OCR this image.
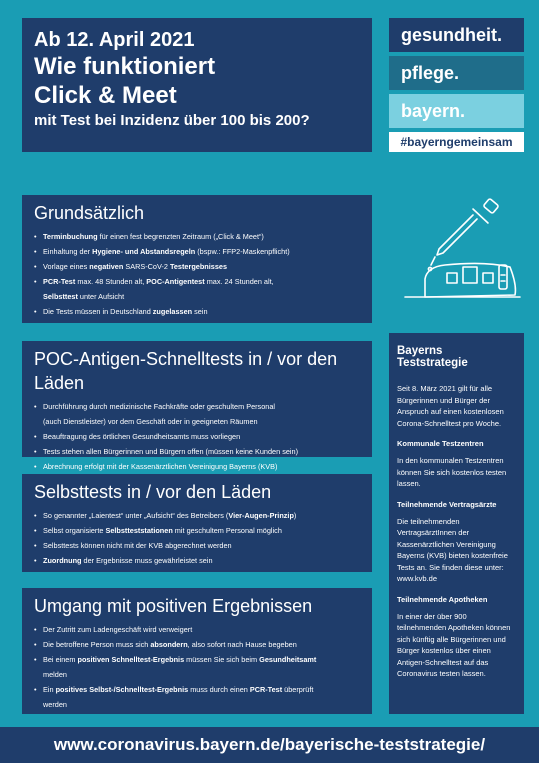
Ab 12. April 2021
Wie funktioniert
Click & Meet
mit Test bei Inzidenz über 100 bis 200?
gesundheit.
pflege.
bayern.
#bayerngemeinsam
Grundsätzlich
• Terminbuchung für einen fest begrenzten Zeitraum („Click & Meet“)
• Einhaltung der Hygiene- und Abstandsregeln (bspw.: FFP2-Maskenpflicht)
• Vorlage eines negativen SARS-CoV-2 Testergebnisses
• PCR-Test max. 48 Stunden alt, POC-Antigentest max. 24 Stunden alt,
Selbsttest unter Aufsicht
• Die Tests müssen in Deutschland zugelassen sein
POC-Antigen-Schnelltests in / vor den Läden
• Durchführung durch medizinische Fachkräfte oder geschultem Personal
(auch Dienstleister) vor dem Geschäft oder in geeigneten Räumen
• Beauftragung des örtlichen Gesundheitsamts muss vorliegen
• Tests stehen allen Bürgerinnen und Bürgern offen (müssen keine Kunden sein)
• Abrechnung erfolgt mit der Kassenärztlichen Vereinigung Bayerns (KVB)
Selbsttests in / vor den Läden
• So genannter „Laientest“ unter „Aufsicht“ des Betreibers (Vier-Augen-Prinzip)
• Selbst organisierte Selbstteststationen mit geschultem Personal möglich
• Selbsttests können nicht mit der KVB abgerechnet werden
• Zuordnung der Ergebnisse muss gewährleistet sein
Umgang mit positiven Ergebnissen
• Der Zutritt zum Ladengeschäft wird verweigert
• Die betroffene Person muss sich absondern, also sofort nach Hause begeben
• Bei einem positiven Schnelltest-Ergebnis müssen Sie sich beim Gesundheitsamt
melden
• Ein positives Selbst-/Schnelltest-Ergebnis muss durch einen PCR-Test überprüft
werden
Bayerns Teststrategie

Seit 8. März 2021 gilt für alle Bürgerinnen und Bürger der Anspruch auf einen kostenlosen Corona-Schnelltest pro Woche.

Kommunale Testzentren

In den kommunalen Testzentren können Sie sich kostenlos testen lassen.

Teilnehmende Vertragsärzte

Die teilnehmenden VertragsärztInnen der Kassenärztlichen Vereinigung Bayerns (KVB) bieten kostenfreie Tests an. Sie finden diese unter: www.kvb.de

Teilnehmende Apotheken

In einer der über 900 teilnehmenden Apotheken können sich künftig alle Bürgerinnen und Bürger kostenlos über einen Antigen-Schnelltest auf das Coronavirus testen lassen.

www.coronavirus.bayern.de/bayerische-teststrategie/
